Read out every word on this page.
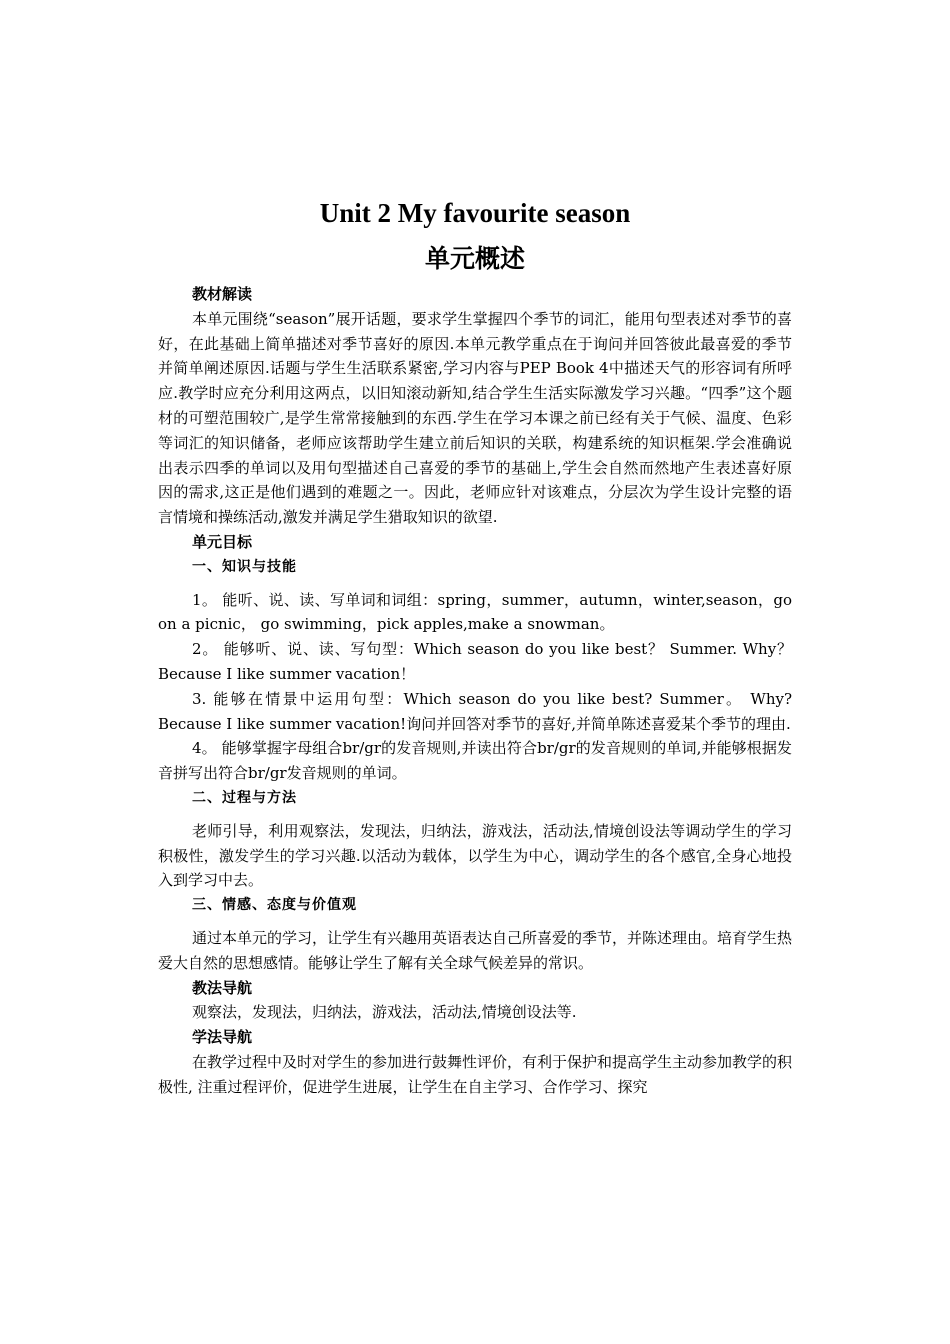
Unit 2 My favourite season
单元概述

教材解读

本单元围绕“season”展开话题，要求学生掌握四个季节的词汇，能用句型表述对季节的喜好，在此基础上简单描述对季节喜好的原因.本单元教学重点在于询问并回答彼此最喜爱的季节并简单阐述原因.话题与学生生活联系紧密,学习内容与PEP Book 4中描述天气的形容词有所呼应.教学时应充分利用这两点，以旧知滚动新知,结合学生生活实际激发学习兴趣。“四季”这个题材的可塑范围较广,是学生常常接触到的东西.学生在学习本课之前已经有关于气候、温度、色彩等词汇的知识储备，老师应该帮助学生建立前后知识的关联，构建系统的知识框架.学会准确说出表示四季的单词以及用句型描述自己喜爱的季节的基础上,学生会自然而然地产生表述喜好原因的需求,这正是他们遇到的难题之一。因此，老师应针对该难点，分层次为学生设计完整的语言情境和操练活动,激发并满足学生猎取知识的欲望.

单元目标

一、知识与技能

1。 能听、说、读、写单词和词组：spring，summer，autumn，winter,season，go on a picnic， go swimming，pick apples,make a snowman。

2。 能够听、说、读、写句型：Which season do you like best？ Summer. Why？Because I like summer vacation！

3. 能够在情景中运用句型：Which season do you like best? Summer。 Why? Because I like summer vacation!询问并回答对季节的喜好,并简单陈述喜爱某个季节的理由.

4。 能够掌握字母组合br/gr的发音规则,并读出符合br/gr的发音规则的单词,并能够根据发音拼写出符合br/gr发音规则的单词。

二、过程与方法

老师引导，利用观察法，发现法，归纳法，游戏法，活动法,情境创设法等调动学生的学习积极性，激发学生的学习兴趣.以活动为载体，以学生为中心，调动学生的各个感官,全身心地投入到学习中去。

三、情感、态度与价值观

通过本单元的学习，让学生有兴趣用英语表达自己所喜爱的季节，并陈述理由。培育学生热爱大自然的思想感情。能够让学生了解有关全球气候差异的常识。

教法导航

观察法，发现法，归纳法，游戏法，活动法,情境创设法等.

学法导航

在教学过程中及时对学生的参加进行鼓舞性评价，有利于保护和提高学生主动参加教学的积极性, 注重过程评价，促进学生进展，让学生在自主学习、合作学习、探究
